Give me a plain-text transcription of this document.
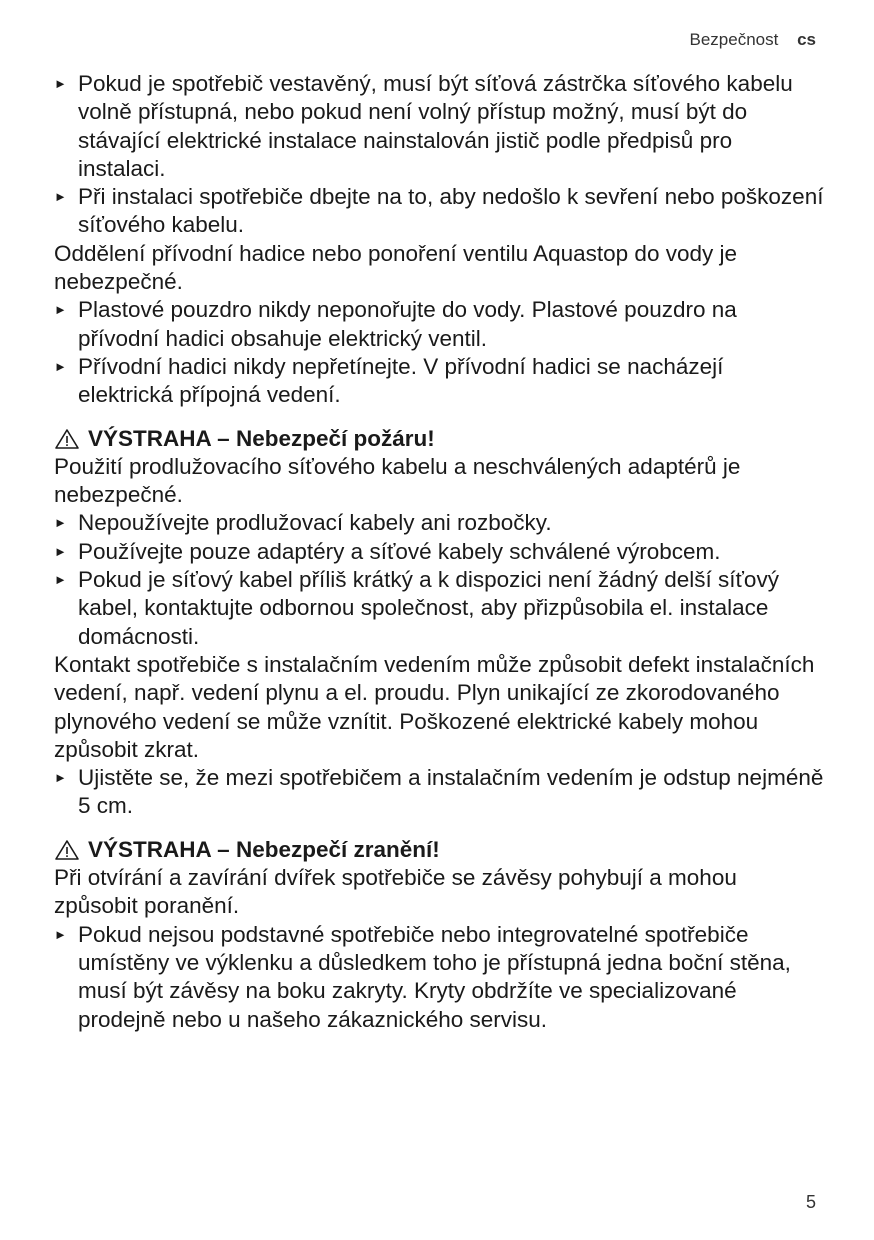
Bezpečnost cs
► Pokud je spotřebič vestavěný, musí být síťová zástrčka síťového kabelu volně přístupná, nebo pokud není volný přístup možný, musí být do stávající elektrické instalace nainstalován jistič podle předpisů pro instalaci.
► Při instalaci spotřebiče dbejte na to, aby nedošlo k sevření nebo poškození síťového kabelu.
Oddělení přívodní hadice nebo ponoření ventilu Aquastop do vody je nebezpečné.
► Plastové pouzdro nikdy neponořujte do vody. Plastové pouzdro na přívodní hadici obsahuje elektrický ventil.
► Přívodní hadici nikdy nepřetínejte. V přívodní hadici se nacházejí elektrická přípojná vedení.
VÝSTRAHA – Nebezpečí požáru!
Použití prodlužovacího síťového kabelu a neschválených adaptérů je nebezpečné.
► Nepoužívejte prodlužovací kabely ani rozbočky.
► Používejte pouze adaptéry a síťové kabely schválené výrobcem.
► Pokud je síťový kabel příliš krátký a k dispozici není žádný delší síťový kabel, kontaktujte odbornou společnost, aby přizpůsobila el. instalace domácnosti.
Kontakt spotřebiče s instalačním vedením může způsobit defekt instalačních vedení, např. vedení plynu a el. proudu. Plyn unikající ze zkorodovaného plynového vedení se může vznítit. Poškozené elektrické kabely mohou způsobit zkrat.
► Ujistěte se, že mezi spotřebičem a instalačním vedením je odstup nejméně 5 cm.
VÝSTRAHA – Nebezpečí zranění!
Při otvírání a zavírání dvířek spotřebiče se závěsy pohybují a mohou způsobit poranění.
► Pokud nejsou podstavné spotřebiče nebo integrovatelné spotřebiče umístěny ve výklenku a důsledkem toho je přístupná jedna boční stěna, musí být závěsy na boku zakryty. Kryty obdržíte ve specializované prodejně nebo u našeho zákaznického servisu.
5
